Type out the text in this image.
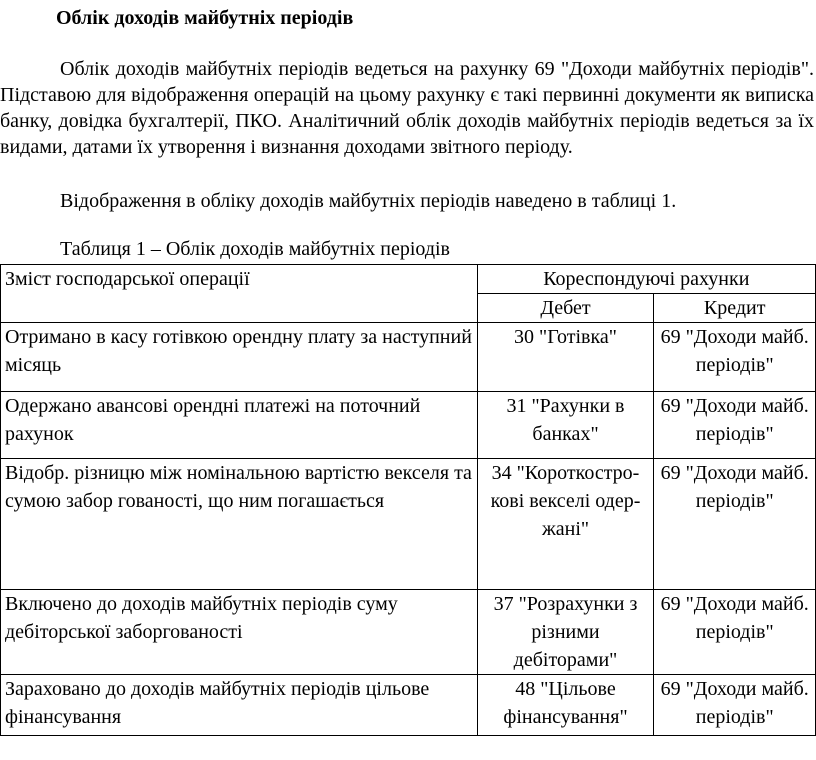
Облік доходів майбутніх періодів
Облік доходів майбутніх періодів ведеться на рахунку 69 "Доходи майбутніх періодів". Підставою для відображення операцій на цьому рахунку є такі первинні документи як виписка банку, довідка бухгалтерії, ПКО. Аналітичний облік доходів майбутніх періодів ведеться за їх видами, датами їх утворення і визнання доходами звітного періоду.
Відображення в обліку доходів майбутніх періодів наведено в таблиці 1.
Таблиця 1 – Облік доходів майбутніх періодів
Зміст господарської операції	Кореспондуючі рахунки	
	Дебет	Кредит
Отримано в касу готівкою орендну плату за наступний місяць	30 "Готівка"	69 "Доходи майб. періодів"
Одержано авансові орендні платежі на поточний рахунок	31 "Рахунки в банках"	69 "Доходи майб. періодів"
Відобр. різницю між номінальною вартістю векселя та сумою забор гованості, що ним погашається	34 "Короткостро-кові векселі одер-жані"	69 "Доходи майб. періодів"
Включено до доходів майбутніх періодів суму дебіторської заборгованості	37 "Розрахунки з різними дебіторами"	69 "Доходи майб. періодів"
Зараховано до доходів майбутніх періодів цільове фінансування	48 "Цільове фінансування"	69 "Доходи майб. періодів"
